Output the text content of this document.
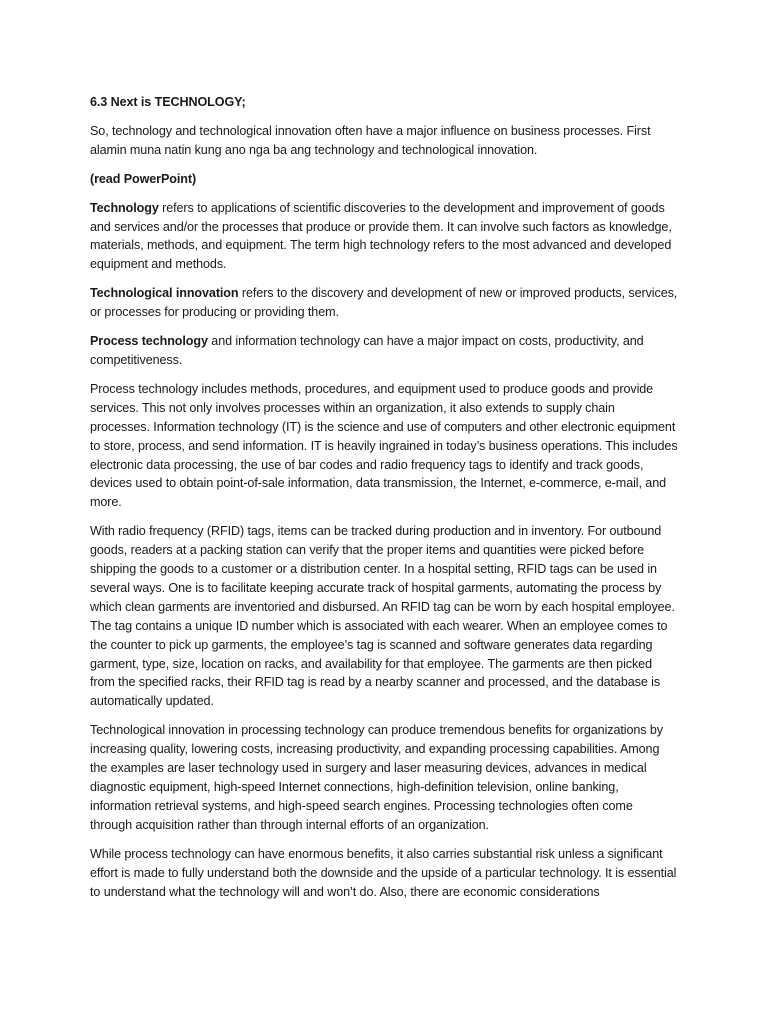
6.3 Next is TECHNOLOGY;

So, technology and technological innovation often have a major influence on business processes. First alamin muna natin kung ano nga ba ang technology and technological innovation.

(read PowerPoint)

Technology refers to applications of scientific discoveries to the development and improvement of goods and services and/or the processes that produce or provide them. It can involve such factors as knowledge, materials, methods, and equipment. The term high technology refers to the most advanced and developed equipment and methods.

Technological innovation refers to the discovery and development of new or improved products, services, or processes for producing or providing them.

Process technology and information technology can have a major impact on costs, productivity, and competitiveness.

Process technology includes methods, procedures, and equipment used to produce goods and provide services. This not only involves processes within an organization, it also extends to supply chain processes. Information technology (IT) is the science and use of computers and other electronic equipment to store, process, and send information. IT is heavily ingrained in today’s business operations. This includes electronic data processing, the use of bar codes and radio frequency tags to identify and track goods, devices used to obtain point-of-sale information, data transmission, the Internet, e-commerce, e-mail, and more.

With radio frequency (RFID) tags, items can be tracked during production and in inventory. For outbound goods, readers at a packing station can verify that the proper items and quantities were picked before shipping the goods to a customer or a distribution center. In a hospital setting, RFID tags can be used in several ways. One is to facilitate keeping accurate track of hospital garments, automating the process by which clean garments are inventoried and disbursed. An RFID tag can be worn by each hospital employee. The tag contains a unique ID number which is associated with each wearer. When an employee comes to the counter to pick up garments, the employee’s tag is scanned and software generates data regarding garment, type, size, location on racks, and availability for that employee. The garments are then picked from the specified racks, their RFID tag is read by a nearby scanner and processed, and the database is automatically updated.

Technological innovation in processing technology can produce tremendous benefits for organizations by increasing quality, lowering costs, increasing productivity, and expanding processing capabilities. Among the examples are laser technology used in surgery and laser measuring devices, advances in medical diagnostic equipment, high-speed Internet connections, high-definition television, online banking, information retrieval systems, and high-speed search engines. Processing technologies often come through acquisition rather than through internal efforts of an organization.

While process technology can have enormous benefits, it also carries substantial risk unless a significant effort is made to fully understand both the downside and the upside of a particular technology. It is essential to understand what the technology will and won’t do. Also, there are economic considerations
